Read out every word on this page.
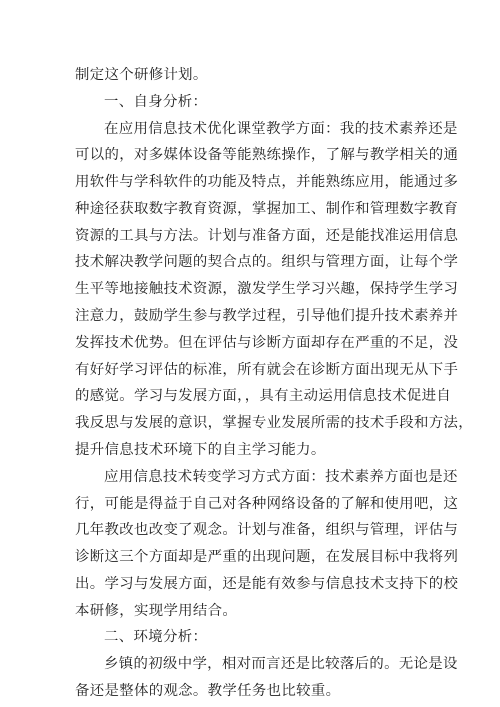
制定这个研修计划。
一、自身分析：
在应用信息技术优化课堂教学方面：我的技术素养还是
可以的，对多媒体设备等能熟练操作，了解与教学相关的通
用软件与学科软件的功能及特点，并能熟练应用，能通过多
种途径获取数字教育资源，掌握加工、制作和管理数字教育
资源的工具与方法。计划与准备方面，还是能找准运用信息
技术解决教学问题的契合点的。组织与管理方面，让每个学
生平等地接触技术资源，激发学生学习兴趣，保持学生学习
注意力，鼓励学生参与教学过程，引导他们提升技术素养并
发挥技术优势。但在评估与诊断方面却存在严重的不足，没
有好好学习评估的标准，所有就会在诊断方面出现无从下手
的感觉。学习与发展方面，，具有主动运用信息技术促进自
我反思与发展的意识，掌握专业发展所需的技术手段和方法，
提升信息技术环境下的自主学习能力。
应用信息技术转变学习方式方面：技术素养方面也是还
行，可能是得益于自己对各种网络设备的了解和使用吧，这
几年教改也改变了观念。计划与准备，组织与管理，评估与
诊断这三个方面却是严重的出现问题，在发展目标中我将列
出。学习与发展方面，还是能有效参与信息技术支持下的校
本研修，实现学用结合。
二、环境分析：
乡镇的初级中学，相对而言还是比较落后的。无论是设
备还是整体的观念。教学任务也比较重。
